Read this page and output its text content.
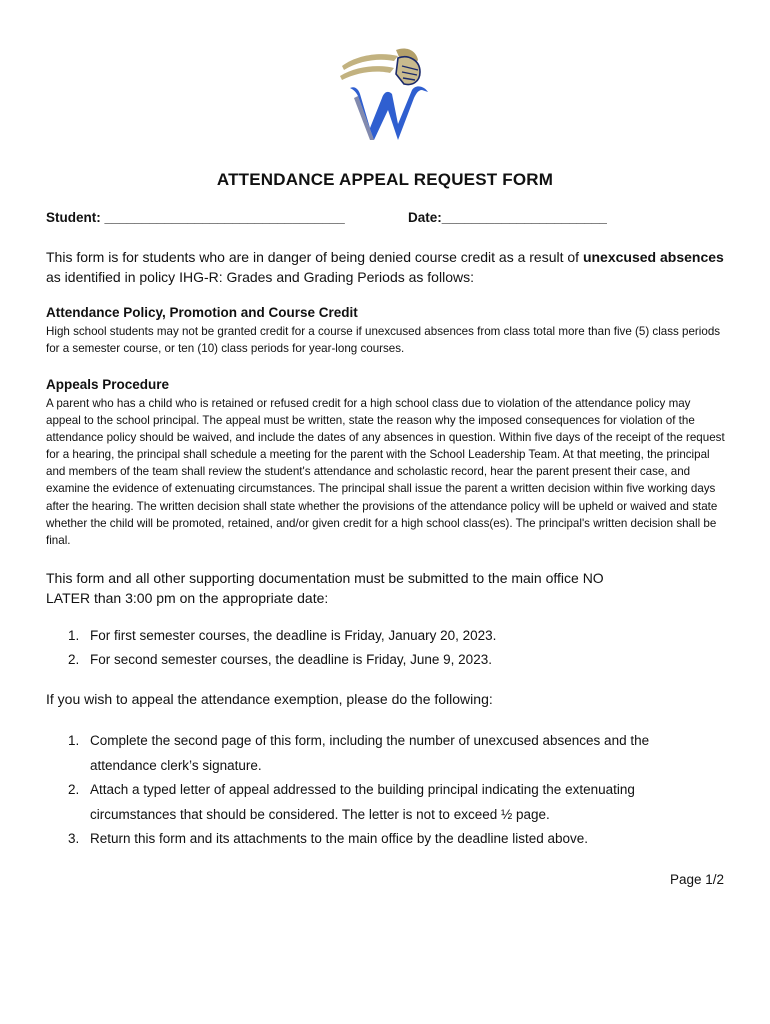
ATTENDANCE APPEAL REQUEST FORM
Student: ________________________________	Date:______________________
This form is for students who are in danger of being denied course credit as a result of unexcused absences as identified in policy IHG-R: Grades and Grading Periods as follows:
Attendance Policy, Promotion and Course Credit
High school students may not be granted credit for a course if unexcused absences from class total more than five (5) class periods for a semester course, or ten (10) class periods for year-long courses.
Appeals Procedure
A parent who has a child who is retained or refused credit for a high school class due to violation of the attendance policy may appeal to the school principal. The appeal must be written, state the reason why the imposed consequences for violation of the attendance policy should be waived, and include the dates of any absences in question. Within five days of the receipt of the request for a hearing, the principal shall schedule a meeting for the parent with the School Leadership Team. At that meeting, the principal and members of the team shall review the student's attendance and scholastic record, hear the parent present their case, and examine the evidence of extenuating circumstances. The principal shall issue the parent a written decision within five working days after the hearing. The written decision shall state whether the provisions of the attendance policy will be upheld or waived and state whether the child will be promoted, retained, and/or given credit for a high school class(es). The principal's written decision shall be final.
This form and all other supporting documentation must be submitted to the main office NO LATER than 3:00 pm on the appropriate date:
1. For first semester courses, the deadline is Friday, January 20, 2023.
2. For second semester courses, the deadline is Friday, June 9, 2023.
If you wish to appeal the attendance exemption, please do the following:
1. Complete the second page of this form, including the number of unexcused absences and the attendance clerk’s signature.
2. Attach a typed letter of appeal addressed to the building principal indicating the extenuating circumstances that should be considered. The letter is not to exceed ½ page.
3. Return this form and its attachments to the main office by the deadline listed above.
Page 1/2
